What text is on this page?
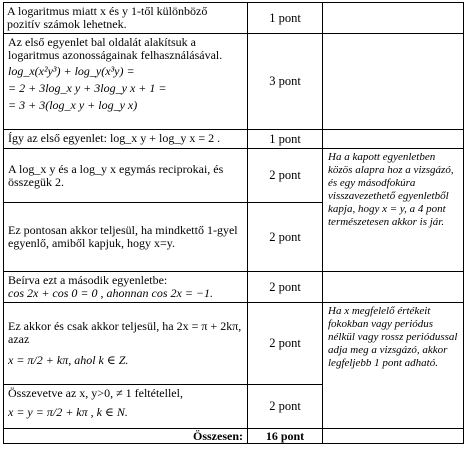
A logaritmus miatt x és y 1-től különböző pozitív számok lehetnek.	1 pont	

Az első egyenlet bal oldalát alakítsuk a logaritmus azonosságainak felhasználásával.
log_x(x²y³) + log_y(x³y) =
= 2 + 3log_x y + 3log_y x + 1 =
= 3 + 3(log_x y + log_y x)	3 pont	
Így az első egyenlet: log_x y + log_y x = 2 .	1 pont	
A log_x y és a log_y x egymás reciprokai, és összegük 2.	2 pont	Ha a kapott egyenletben közös alapra hoz a vizsgázó, és egy másodfokúra visszavezethető egyenletből kapja, hogy x = y, a 4 pont természetesen akkor is jár.
Ez pontosan akkor teljesül, ha mindkettő 1-gyel egyenlő, amiből kapjuk, hogy x=y.	2 pont	

Beírva ezt a második egyenletbe:
cos 2x + cos 0 = 0 , ahonnan cos 2x = −1.	2 pont	

Ez akkor és csak akkor teljesül, ha 2x = π + 2kπ, azaz
x = π/2 + kπ, ahol k ∈ Z.	2 pont	Ha x megfelelő értékeit fokokban vagy periódus nélkül vagy rossz periódussal adja meg a vizsgázó, akkor legfeljebb 1 pont adható.

Összevetve az x, y>0, ≠ 1 feltétellel,
x = y = π/2 + kπ , k ∈ N.	2 pont	
Összesen:	16 pont	
